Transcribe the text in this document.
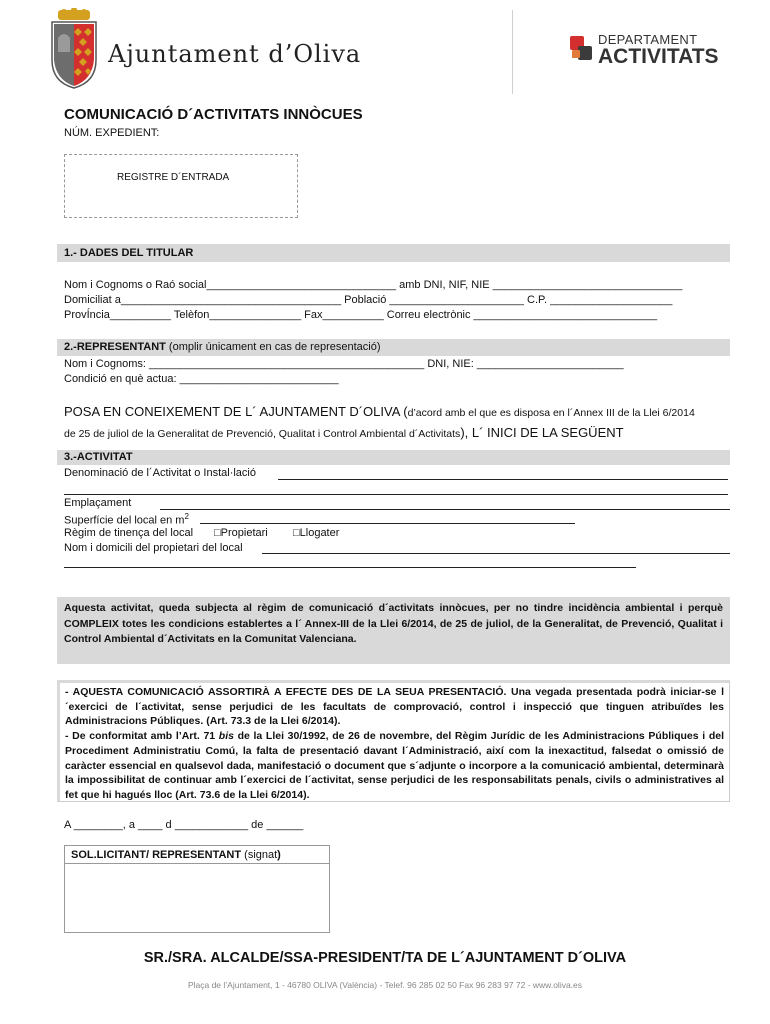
Ajuntament d’Oliva
DEPARTAMENT
ACTIVITATS
COMUNICACIÓ D´ACTIVITATS INNÒCUES
NÚM. EXPEDIENT:
REGISTRE D´ENTRADA
1.- DADES DEL TITULAR
Nom i Cognoms o Raó social_______________________________ amb DNI, NIF, NIE _______________________________
Domiciliat a____________________________________ Població ______________________ C.P. ____________________
ProvÍncia__________ Telèfon_______________ Fax__________ Correu electrònic ______________________________
2.-REPRESENTANT (omplir únicament en cas de representació)
Nom i Cognoms: _____________________________________________ DNI, NIE: ________________________
Condició en què actua: __________________________
POSA EN CONEIXEMENT DE L´ AJUNTAMENT D´OLIVA (d’acord amb el que es disposa en l´Annex III de la Llei 6/2014
de 25 de juliol de la Generalitat de Prevenció, Qualitat i Control Ambiental d´Activitats), L´ INICI DE LA SEGÜENT
3.-ACTIVITAT
Denominació de l´Activitat o Instal·lació
Emplaçament
Superfície del local en $m^2$
Règim de tinença del local □Propietari □Llogater
Nom i domicili del propietari del local
Aquesta activitat, queda subjecta al règim de comunicació d´activitats innòcues, per no tindre incidència ambiental i perquè COMPLEIX totes les condicions establertes a l´ Annex-III de la Llei 6/2014, de 25 de juliol, de la Generalitat, de Prevenció, Qualitat i Control Ambiental d´Activitats en la Comunitat Valenciana.
- AQUESTA COMUNICACIÓ ASSORTIRÀ A EFECTE DES DE LA SEUA PRESENTACIÓ. Una vegada presentada podrà iniciar-se l´exercici de l´activitat, sense perjudici de les facultats de comprovació, control i inspecció que tinguen atribuïdes les Administracions Públiques. (Art. 73.3 de la Llei 6/2014).
- De conformitat amb l’Art. 71 bis de la Llei 30/1992, de 26 de novembre, del Règim Jurídic de les Administracions Públiques i del Procediment Administratiu Comú, la falta de presentació davant l´Administració, així com la inexactitud, falsedat o omissió de caràcter essencial en qualsevol dada, manifestació o document que s´adjunte o incorpore a la comunicació ambiental, determinarà la impossibilitat de continuar amb l´exercici de l´activitat, sense perjudici de les responsabilitats penals, civils o administratives al fet que hi hagués lloc (Art. 73.6 de la Llei 6/2014).
A ________, a ____ d ____________ de ______
SOL.LICITANT/ REPRESENTANT (signat)
SR./SRA. ALCALDE/SSA-PRESIDENT/TA DE L´AJUNTAMENT D´OLIVA
Plaça de l’Ajuntament, 1 - 46780 OLIVA (València) - Telef. 96 285 02 50 Fax 96 283 97 72 - www.oliva.es
